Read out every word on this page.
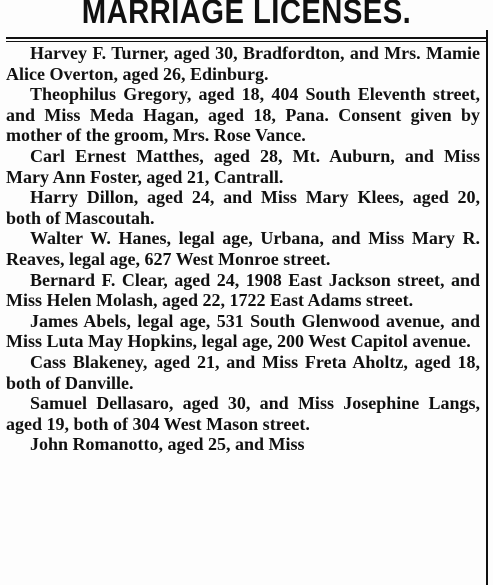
MARRIAGE LICENSES.

Harvey F. Turner, aged 30, Bradfordton, and Mrs. Mamie Alice Overton, aged 26, Edinburg.

Theophilus Gregory, aged 18, 404 South Eleventh street, and Miss Meda Hagan, aged 18, Pana. Consent given by mother of the groom, Mrs. Rose Vance.

Carl Ernest Matthes, aged 28, Mt. Auburn, and Miss Mary Ann Foster, aged 21, Cantrall.

Harry Dillon, aged 24, and Miss Mary Klees, aged 20, both of Mascoutah.

Walter W. Hanes, legal age, Urbana, and Miss Mary R. Reaves, legal age, 627 West Monroe street.

Bernard F. Clear, aged 24, 1908 East Jackson street, and Miss Helen Molash, aged 22, 1722 East Adams street.

James Abels, legal age, 531 South Glenwood avenue, and Miss Luta May Hopkins, legal age, 200 West Capitol avenue.

Cass Blakeney, aged 21, and Miss Freta Aholtz, aged 18, both of Danville.

Samuel Dellasaro, aged 30, and Miss Josephine Langs, aged 19, both of 304 West Mason street.

John Romanotto, aged 25, and Miss
